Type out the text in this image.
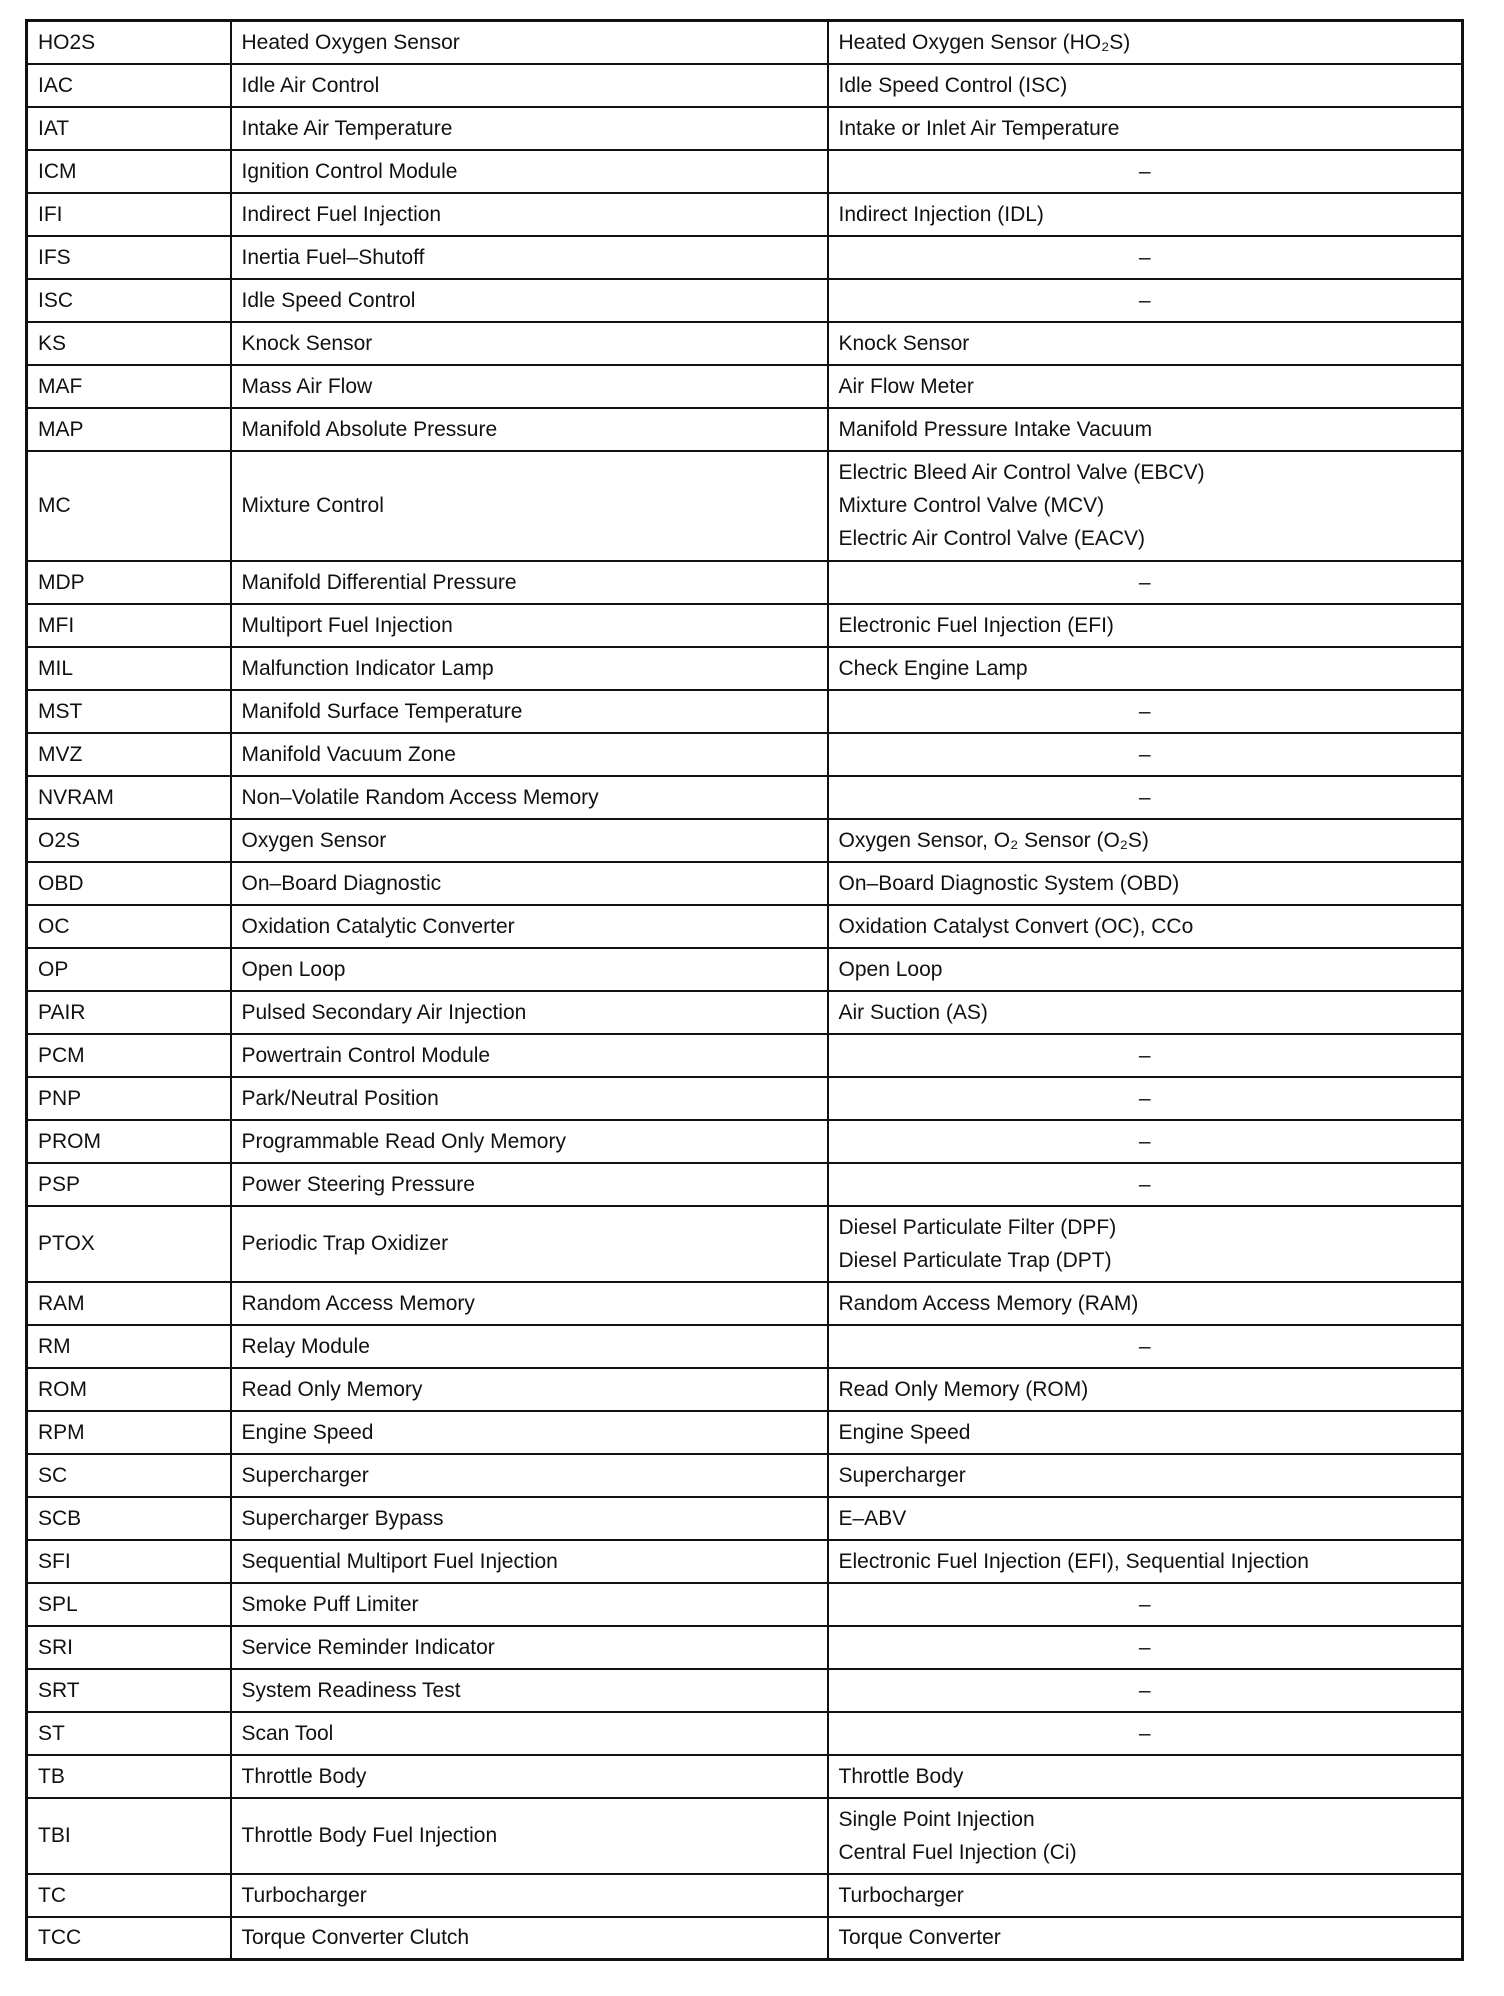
HO2S	Heated Oxygen Sensor	Heated Oxygen Sensor (HO₂S)

IAC	Idle Air Control	Idle Speed Control (ISC)

IAT	Intake Air Temperature	Intake or Inlet Air Temperature

ICM	Ignition Control Module	–

IFI	Indirect Fuel Injection	Indirect Injection (IDL)

IFS	Inertia Fuel–Shutoff	–

ISC	Idle Speed Control	–

KS	Knock Sensor	Knock Sensor

MAF	Mass Air Flow	Air Flow Meter

MAP	Manifold Absolute Pressure	Manifold Pressure Intake Vacuum

MC	Mixture Control	Electric Bleed Air Control Valve (EBCV)
Mixture Control Valve (MCV)
Electric Air Control Valve (EACV)

MDP	Manifold Differential Pressure	–

MFI	Multiport Fuel Injection	Electronic Fuel Injection (EFI)

MIL	Malfunction Indicator Lamp	Check Engine Lamp

MST	Manifold Surface Temperature	–

MVZ	Manifold Vacuum Zone	–

NVRAM	Non–Volatile Random Access Memory	–

O2S	Oxygen Sensor	Oxygen Sensor, O₂ Sensor (O₂S)

OBD	On–Board Diagnostic	On–Board Diagnostic System (OBD)

OC	Oxidation Catalytic Converter	Oxidation Catalyst Convert (OC), CCo

OP	Open Loop	Open Loop

PAIR	Pulsed Secondary Air Injection	Air Suction (AS)

PCM	Powertrain Control Module	–

PNP	Park/Neutral Position	–

PROM	Programmable Read Only Memory	–

PSP	Power Steering Pressure	–

PTOX	Periodic Trap Oxidizer	Diesel Particulate Filter (DPF)
Diesel Particulate Trap (DPT)

RAM	Random Access Memory	Random Access Memory (RAM)

RM	Relay Module	–

ROM	Read Only Memory	Read Only Memory (ROM)

RPM	Engine Speed	Engine Speed

SC	Supercharger	Supercharger

SCB	Supercharger Bypass	E–ABV

SFI	Sequential Multiport Fuel Injection	Electronic Fuel Injection (EFI), Sequential Injection

SPL	Smoke Puff Limiter	–

SRI	Service Reminder Indicator	–

SRT	System Readiness Test	–

ST	Scan Tool	–

TB	Throttle Body	Throttle Body

TBI	Throttle Body Fuel Injection	Single Point Injection
Central Fuel Injection (Ci)

TC	Turbocharger	Turbocharger

TCC	Torque Converter Clutch	Torque Converter
